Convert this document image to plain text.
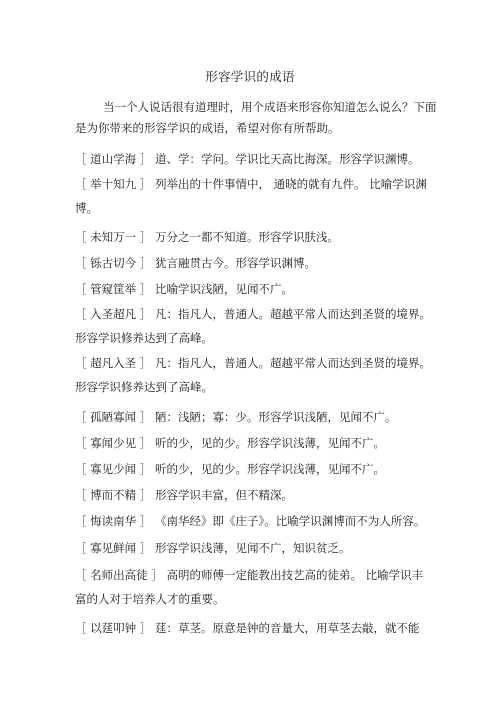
形容学识的成语
当一个人说话很有道理时，用个成语来形容你知道怎么说么？下面是为你带来的形容学识的成语，希望对你有所帮助。
［ 道山学海 ］ 道、学：学问。学识比天高比海深。形容学识渊博。
［ 举十知九 ］ 列举出的十件事情中， 通晓的就有九件。 比喻学识渊
博。
［ 未知万一 ］ 万分之一都不知道。形容学识肤浅。
［ 铄古切今 ］ 犹言融贯古今。形容学识渊博。
［ 管窥筐举 ］ 比喻学识浅陋，见闻不广。
［ 入圣超凡 ］ 凡：指凡人，普通人。超越平常人而达到圣贤的境界。
形容学识修养达到了高峰。
［ 超凡入圣 ］ 凡：指凡人，普通人。超越平常人而达到圣贤的境界。
形容学识修养达到了高峰。
［ 孤陋寡闻 ］ 陋：浅陋；寡：少。形容学识浅陋，见闻不广。
［ 寡闻少见 ］ 听的少，见的少。形容学识浅薄，见闻不广。
［ 寡见少闻 ］ 听的少，见的少。形容学识浅薄，见闻不广。
［ 博而不精 ］ 形容学识丰富，但不精深。
［ 悔读南华 ］ 《南华经》即《庄子》。比喻学识渊博而不为人所容。
［ 寡见鲜闻 ］ 形容学识浅薄，见闻不广，知识贫乏。
［ 名师出高徒 ］ 高明的师傅一定能教出技艺高的徒弟。 比喻学识丰
富的人对于培养人才的重要。
［ 以莛叩钟 ］ 莛：草茎。原意是钟的音量大，用草茎去敲，就不能
